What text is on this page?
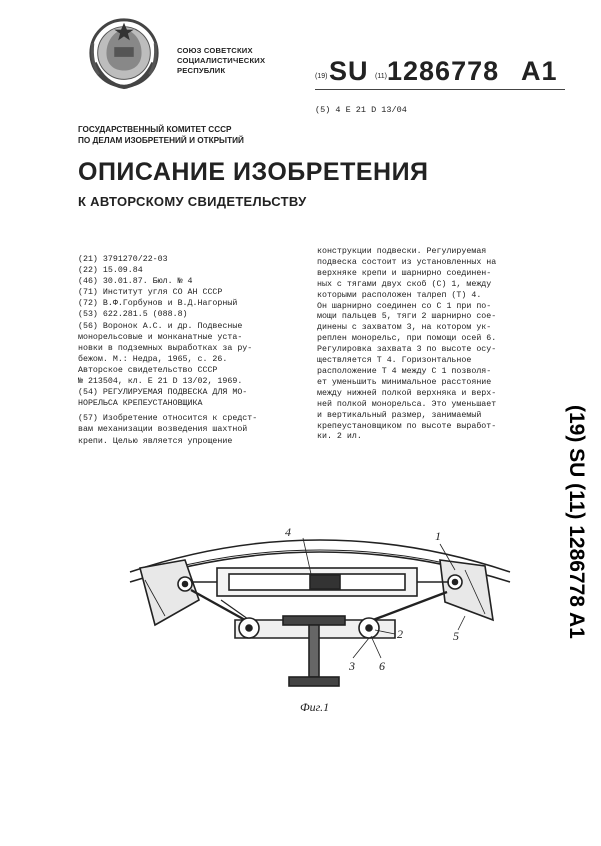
СОЮЗ СОВЕТСКИХ
СОЦИАЛИСТИЧЕСКИХ
РЕСПУБЛИК
(19) SU (11) 1286778 A1
(5) 4 Е 21 D 13/04
ГОСУДАРСТВЕННЫЙ КОМИТЕТ СССР
ПО ДЕЛАМ ИЗОБРЕТЕНИЙ И ОТКРЫТИЙ
ОПИСАНИЕ ИЗОБРЕТЕНИЯ
К АВТОРСКОМУ СВИДЕТЕЛЬСТВУ
(21) 3791270/22-03
(22) 15.09.84
(46) 30.01.87. Бюл. № 4
(71) Институт угля СО АН СССР
(72) В.Ф.Горбунов и В.Д.Нагорный
(53) 622.281.5 (088.8)
(56) Воронок А.С. и др. Подвесные
монорельсовые и монканатные уста-
новки в подземных выработках за ру-
бежом. М.: Недра, 1965, с. 26.
Авторское свидетельство СССР
№ 213504, кл. Е 21 D 13/02, 1969.
(54) РЕГУЛИРУЕМАЯ ПОДВЕСКА ДЛЯ МО-
НОРЕЛЬСА КРЕПЕУСТАНОВЩИКА
(57) Изобретение относится к средст-
вам механизации возведения шахтной
крепи. Целью является упрощение
конструкции подвески. Регулируемая
подвеска состоит из установленных на
верхняке крепи и шарнирно соединен-
ных с тягами двух скоб (С) 1, между
которыми расположен талреп (Т) 4.
Он шарнирно соединен со С 1 при по-
мощи пальцев 5, тяги 2 шарнирно сое-
динены с захватом 3, на котором ук-
реплен монорельс, при помощи осей 6.
Регулировка захвата 3 по высоте осу-
ществляется Т 4. Горизонтальное
расположение Т 4 между С 1 позволя-
ет уменьшить минимальное расстояние
между нижней полкой верхняка и верх-
ней полкой монорельса. Это уменьшает
и вертикальный размер, занимаемый
крепеустановщиком по высоте выработ-
ки. 2 ил.	(19) SU (11) 1286778 A1
4	1
2	5
3 6
Фиг.1
